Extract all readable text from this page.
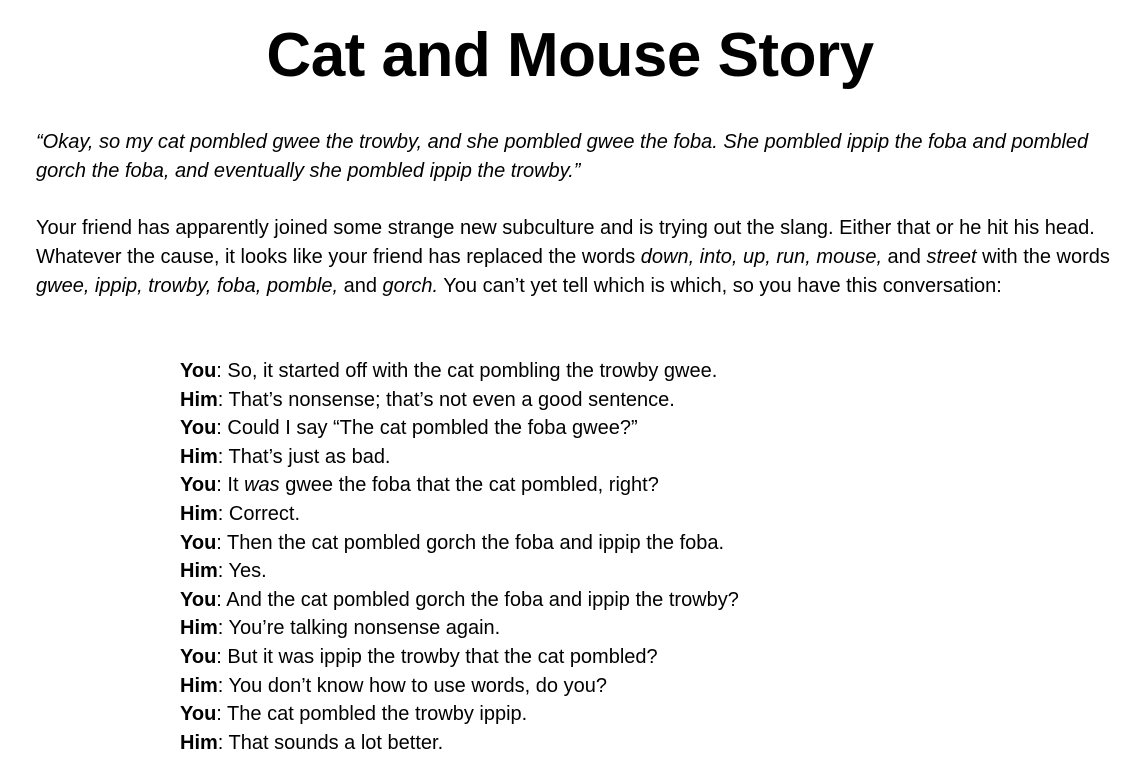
Cat and Mouse Story

“Okay, so my cat pombled gwee the trowby, and she pombled gwee the foba. She pombled ippip the foba and pombled gorch the foba, and eventually she pombled ippip the trowby.”

Your friend has apparently joined some strange new subculture and is trying out the slang. Either that or he hit his head. Whatever the cause, it looks like your friend has replaced the words down, into, up, run, mouse, and street with the words gwee, ippip, trowby, foba, pomble, and gorch. You can’t yet tell which is which, so you have this conversation:

You: So, it started off with the cat pombling the trowby gwee.
Him: That’s nonsense; that’s not even a good sentence.
You: Could I say “The cat pombled the foba gwee?”
Him: That’s just as bad.
You: It was gwee the foba that the cat pombled, right?
Him: Correct.
You: Then the cat pombled gorch the foba and ippip the foba.
Him: Yes.
You: And the cat pombled gorch the foba and ippip the trowby?
Him: You’re talking nonsense again.
You: But it was ippip the trowby that the cat pombled?
Him: You don’t know how to use words, do you?
You: The cat pombled the trowby ippip.
Him: That sounds a lot better.
